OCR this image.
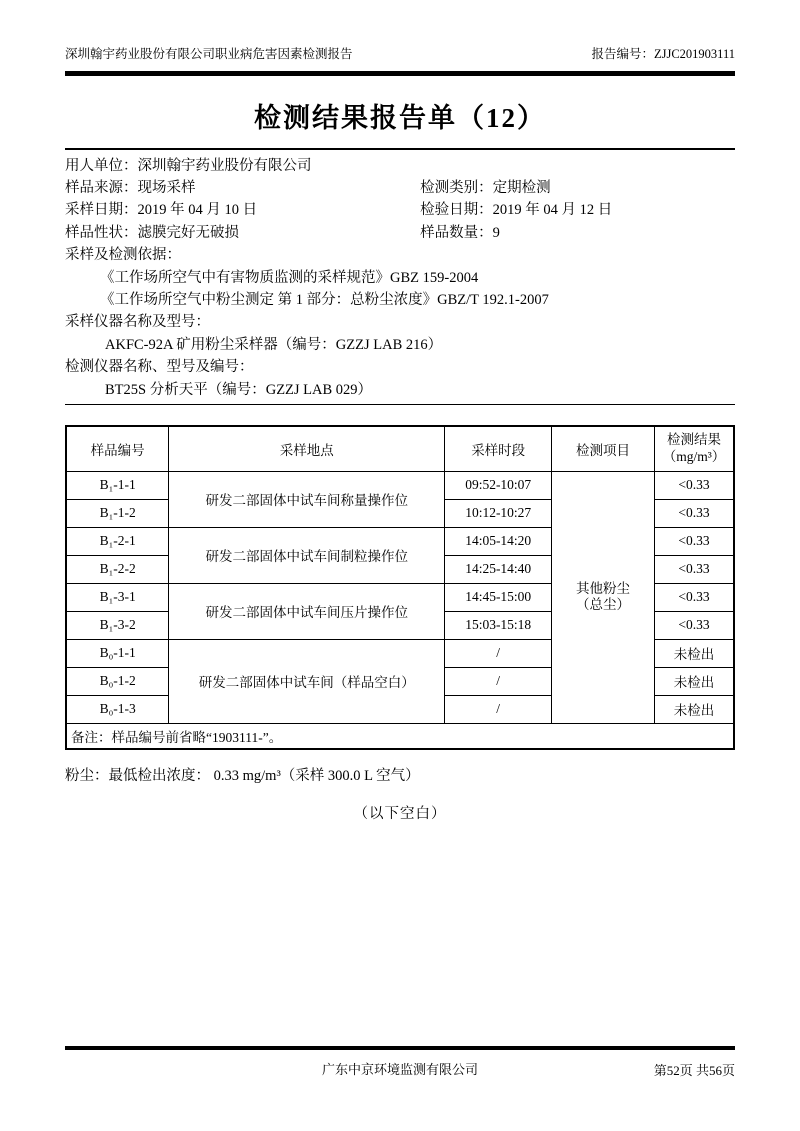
深圳翰宇药业股份有限公司职业病危害因素检测报告	报告编号：ZJJC201903111
检测结果报告单（12）
用人单位： 深圳翰宇药业股份有限公司
样品来源：现场采样	检测类别：定期检测
采样日期：2019 年 04 月 10 日	检验日期：2019 年 04 月 12 日
样品性状：滤膜完好无破损	样品数量：9
采样及检测依据：
《工作场所空气中有害物质监测的采样规范》GBZ 159-2004
《工作场所空气中粉尘测定 第 1 部分：总粉尘浓度》GBZ/T 192.1-2007
采样仪器名称及型号：
AKFC-92A 矿用粉尘采样器（编号：GZZJ LAB 216）
检测仪器名称、型号及编号：
BT25S 分析天平（编号：GZZJ LAB 029）
样品编号	采样地点	采样时段	检测项目	检测结果
（mg/m³）

B₁-1-1	研发二部固体中试车间称量操作位	09:52-10:07	其他粉尘
（总尘）	<0.33
B₁-1-2		10:12-10:27		<0.33
B₁-2-1	研发二部固体中试车间制粒操作位	14:05-14:20		<0.33
B₁-2-2		14:25-14:40		<0.33
B₁-3-1	研发二部固体中试车间压片操作位	14:45-15:00		<0.33
B₁-3-2		15:03-15:18		<0.33
B₀-1-1	研发二部固体中试车间（样品空白）	/		未检出
B₀-1-2		/		未检出
B₀-1-3		/		未检出
备注：样品编号前省略“1903111-”。				
粉尘：最低检出浓度： 0.33 mg/m³（采样 300.0 L 空气）
（以下空白）
广东中京环境监测有限公司	第52页 共56页
